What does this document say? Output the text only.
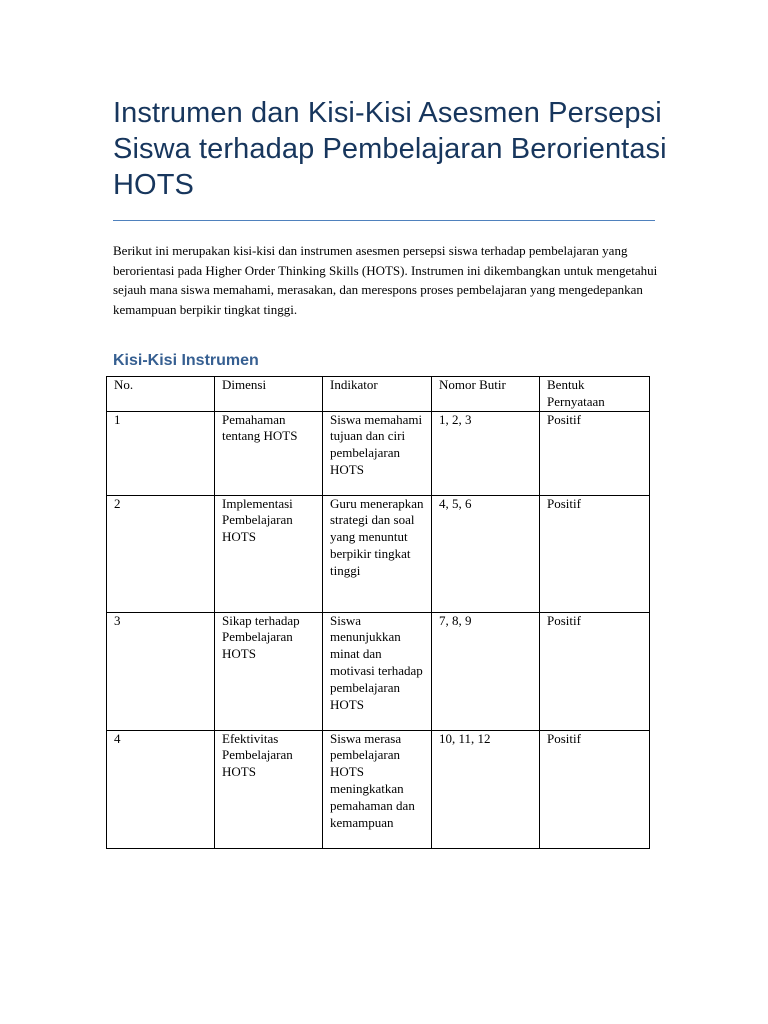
Instrumen dan Kisi-Kisi Asesmen Persepsi Siswa terhadap Pembelajaran Berorientasi HOTS

Berikut ini merupakan kisi-kisi dan instrumen asesmen persepsi siswa terhadap pembelajaran yang berorientasi pada Higher Order Thinking Skills (HOTS). Instrumen ini dikembangkan untuk mengetahui sejauh mana siswa memahami, merasakan, dan merespons proses pembelajaran yang mengedepankan kemampuan berpikir tingkat tinggi.

Kisi-Kisi Instrumen
No.	Dimensi	Indikator	Nomor Butir	Bentuk Pernyataan
1	Pemahaman tentang HOTS	Siswa memahami tujuan dan ciri pembelajaran HOTS	1, 2, 3	Positif
2	Implementasi Pembelajaran HOTS	Guru menerapkan strategi dan soal yang menuntut berpikir tingkat tinggi	4, 5, 6	Positif
3	Sikap terhadap Pembelajaran HOTS	Siswa menunjukkan minat dan motivasi terhadap pembelajaran HOTS	7, 8, 9	Positif
4	Efektivitas Pembelajaran HOTS	Siswa merasa pembelajaran HOTS meningkatkan pemahaman dan kemampuan	10, 11, 12	Positif
